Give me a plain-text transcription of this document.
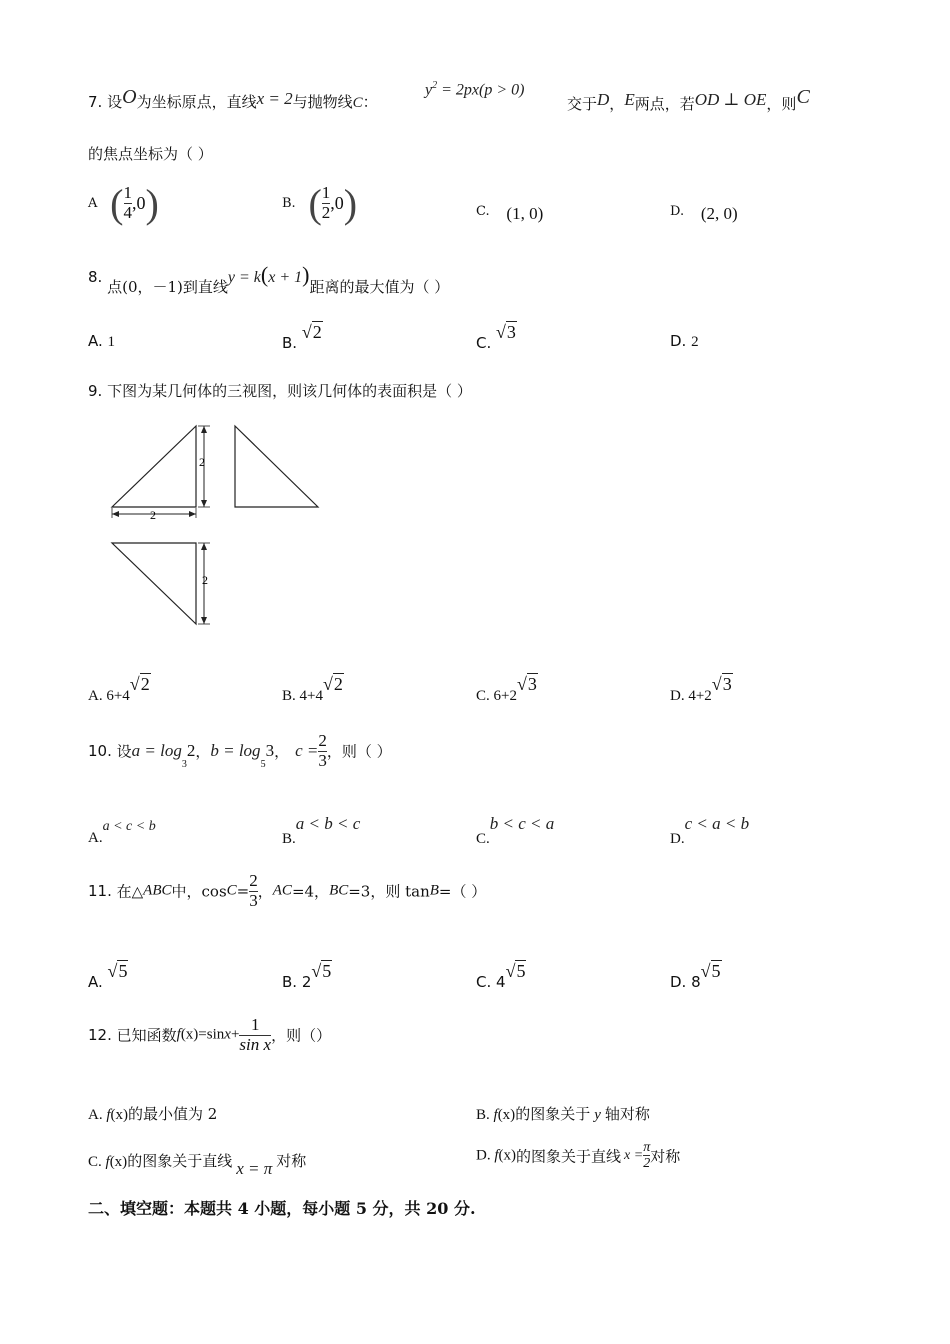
7. 设O为坐标原点，直线x = 2与抛物线C：
$y^2 = 2px(p > 0)$
交于D，E两点，若OD ⊥ OE，则C
的焦点坐标为（ ）
A ( $\frac{1}{4} ,0$)	B. ( $\frac{1}{2} ,0$)	C. (1, 0)	D. (2, 0)
8. 点(0，－1)到直线y = k(x + 1)距离的最大值为（ ）
A. 1	B. √2
C. √3	D. 2
9. 下图为某几何体的三视图，则该几何体的表面积是（ ）
2
2
2
A. 6+4√2
B. 4+4√2
C. 6+2√3
D. 4+2√3
10. 设$a = \log_32$，$b = \log_53$， $c = \frac{2}{3}$ ，则（ ）
A.a < c < b
B.a < b < c
C.b < c < a
D.c < a < b
11. 在△ABC中，$\cos C= \frac{2}{3}$ ，AC=4，BC=3，则 tanB=（ ）
A. √5
B. 2√5
C. 4√5
D. 8√5
12. 已知函数$f(x)=\sin x+ \frac{1}{\text{sin x}}$ ，则（）
A. f(x)的最小值为 2	B. f(x)的图象关于 y 轴对称
C. f(x)的图象关于直线 x = π 对称	D. f(x)的图象关于直线 $x = \frac{\pi}{2}$ 对称
二、填空题：本题共 4 小题，每小题 5 分，共 20 分.
